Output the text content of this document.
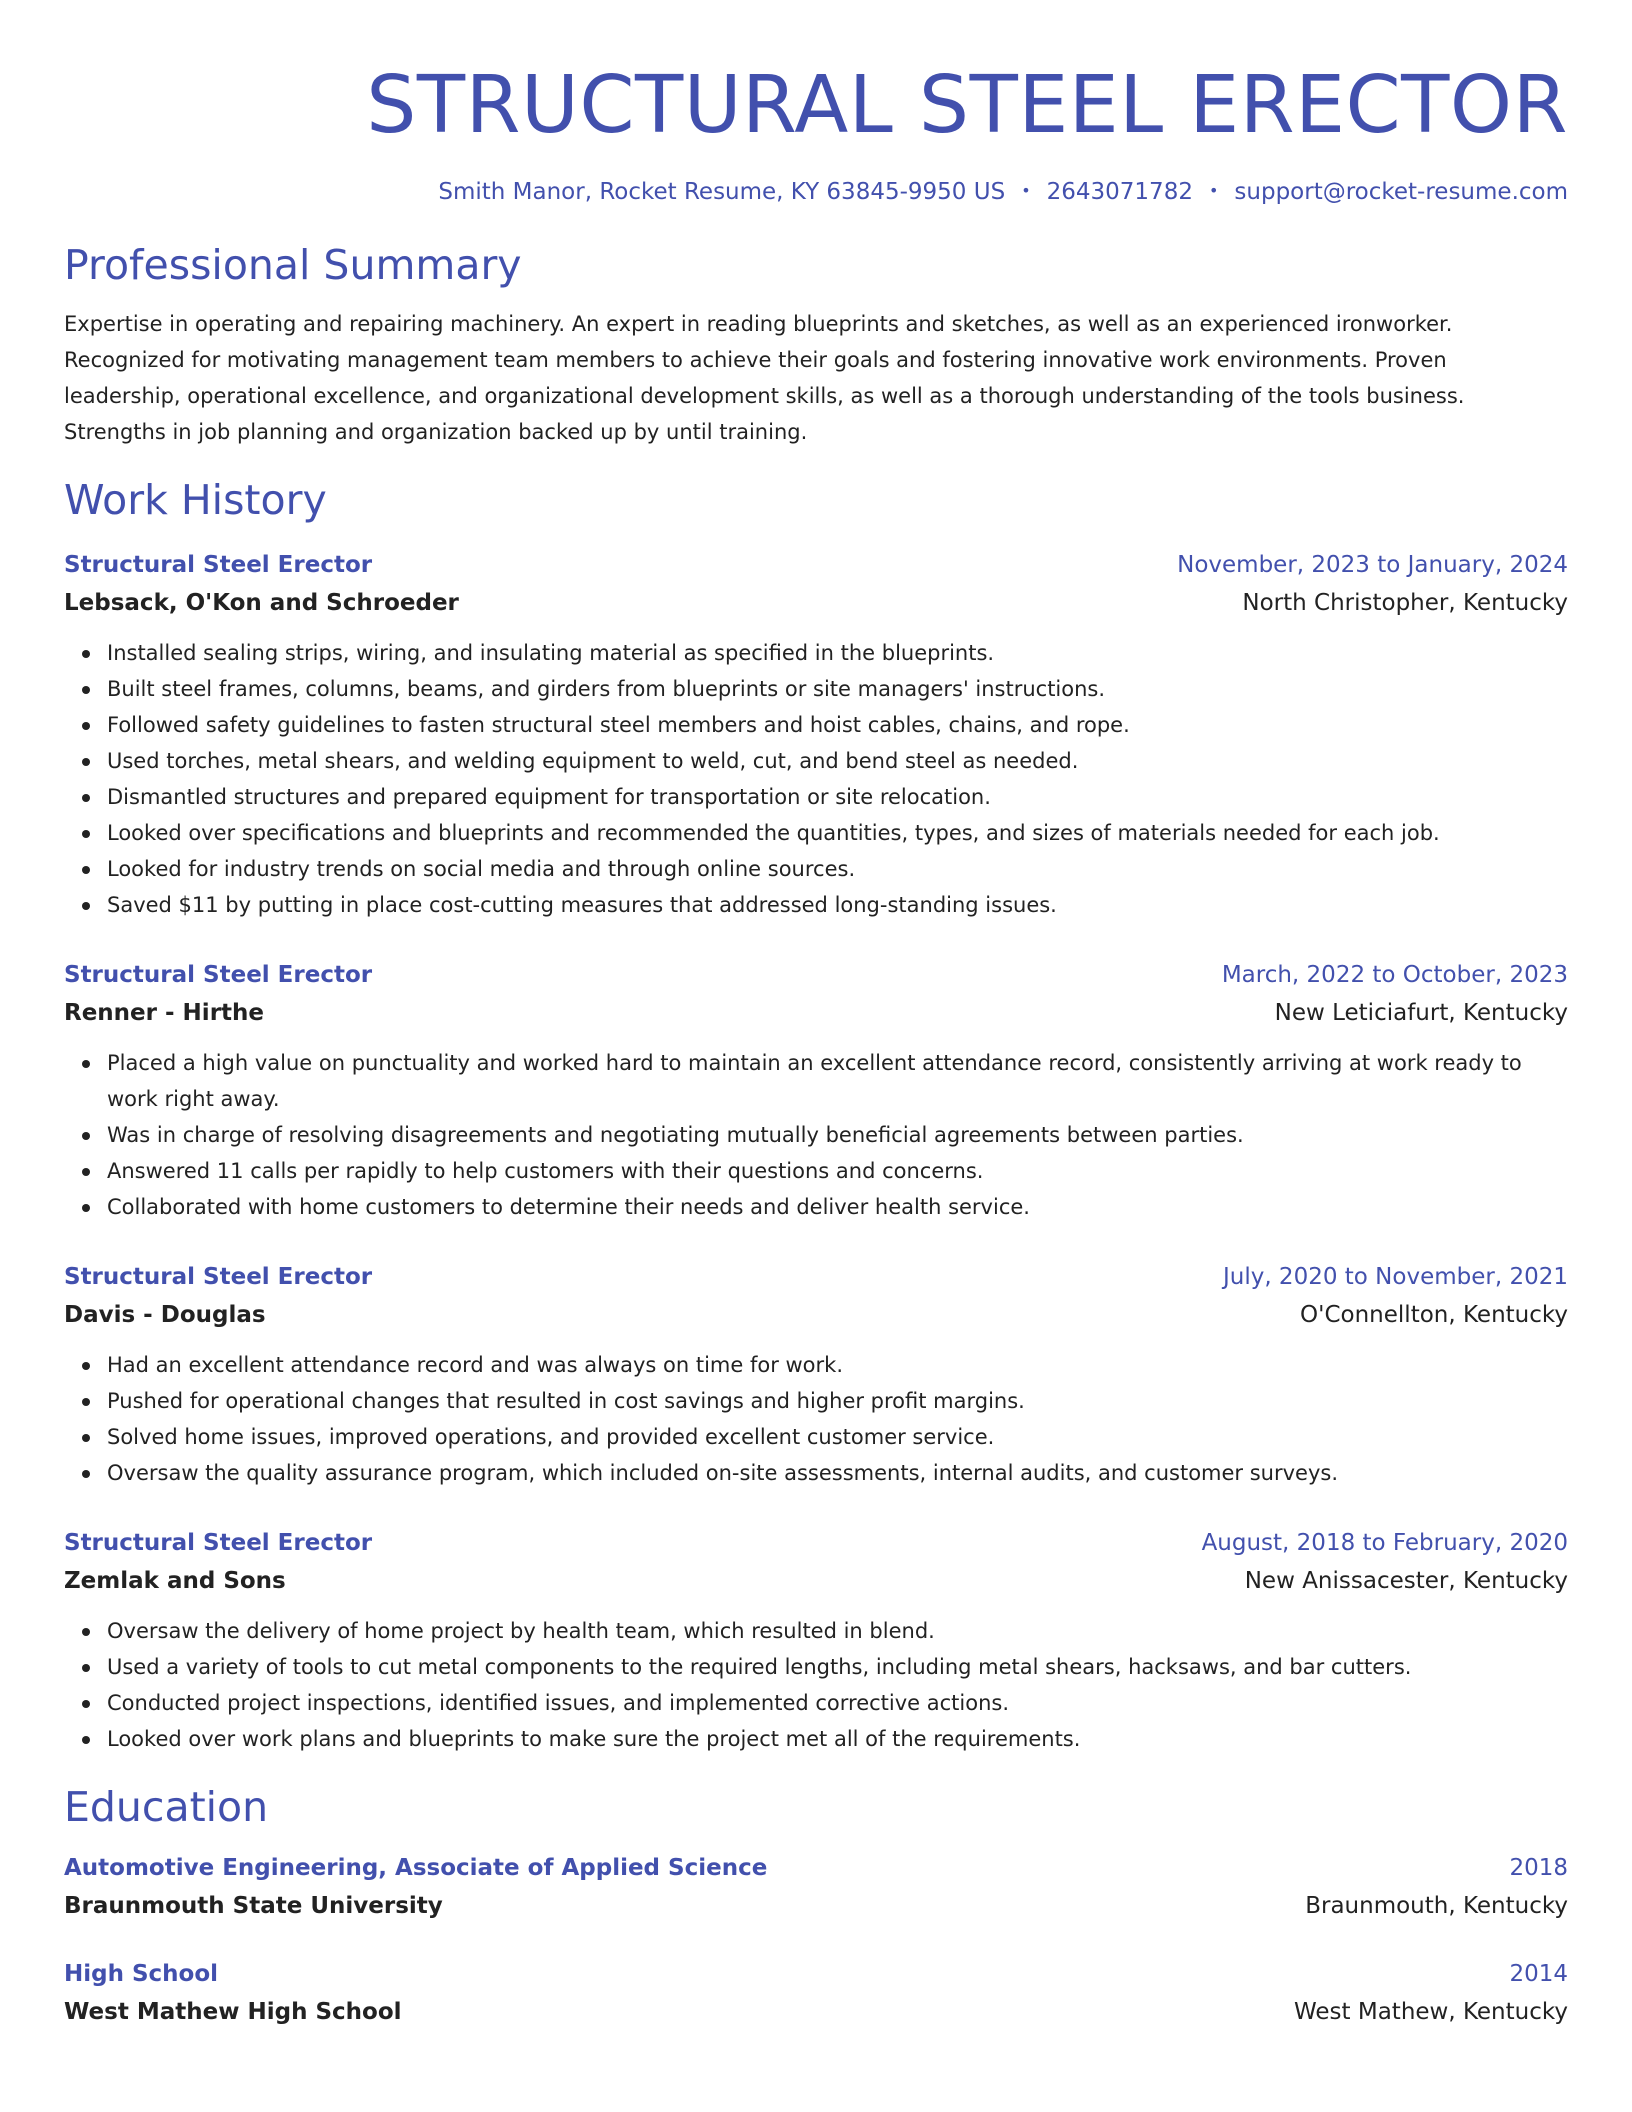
STRUCTURAL STEEL ERECTOR
Smith Manor, Rocket Resume, KY 63845-9950 US • 2643071782 • support@rocket-resume.com
Professional Summary

Expertise in operating and repairing machinery. An expert in reading blueprints and sketches, as well as an experienced ironworker. Recognized for motivating management team members to achieve their goals and fostering innovative work environments. Proven leadership, operational excellence, and organizational development skills, as well as a thorough understanding of the tools business. Strengths in job planning and organization backed up by until training.

Work History
Structural Steel Erector	November, 2023 to January, 2024
Lebsack, O'Kon and Schroeder	North Christopher, Kentucky
Installed sealing strips, wiring, and insulating material as specified in the blueprints.
Built steel frames, columns, beams, and girders from blueprints or site managers' instructions.
Followed safety guidelines to fasten structural steel members and hoist cables, chains, and rope.
Used torches, metal shears, and welding equipment to weld, cut, and bend steel as needed.
Dismantled structures and prepared equipment for transportation or site relocation.
Looked over specifications and blueprints and recommended the quantities, types, and sizes of materials needed for each job.
Looked for industry trends on social media and through online sources.
Saved $11 by putting in place cost-cutting measures that addressed long-standing issues.
Structural Steel Erector	March, 2022 to October, 2023
Renner - Hirthe	New Leticiafurt, Kentucky
Placed a high value on punctuality and worked hard to maintain an excellent attendance record, consistently arriving at work ready to work right away.
Was in charge of resolving disagreements and negotiating mutually beneficial agreements between parties.
Answered 11 calls per rapidly to help customers with their questions and concerns.
Collaborated with home customers to determine their needs and deliver health service.
Structural Steel Erector	July, 2020 to November, 2021
Davis - Douglas	O'Connellton, Kentucky
Had an excellent attendance record and was always on time for work.
Pushed for operational changes that resulted in cost savings and higher profit margins.
Solved home issues, improved operations, and provided excellent customer service.
Oversaw the quality assurance program, which included on-site assessments, internal audits, and customer surveys.
Structural Steel Erector	August, 2018 to February, 2020
Zemlak and Sons	New Anissacester, Kentucky
Oversaw the delivery of home project by health team, which resulted in blend.
Used a variety of tools to cut metal components to the required lengths, including metal shears, hacksaws, and bar cutters.
Conducted project inspections, identified issues, and implemented corrective actions.
Looked over work plans and blueprints to make sure the project met all of the requirements.
Education
Automotive Engineering, Associate of Applied Science	2018
Braunmouth State University	Braunmouth, Kentucky
High School	2014
West Mathew High School	West Mathew, Kentucky
